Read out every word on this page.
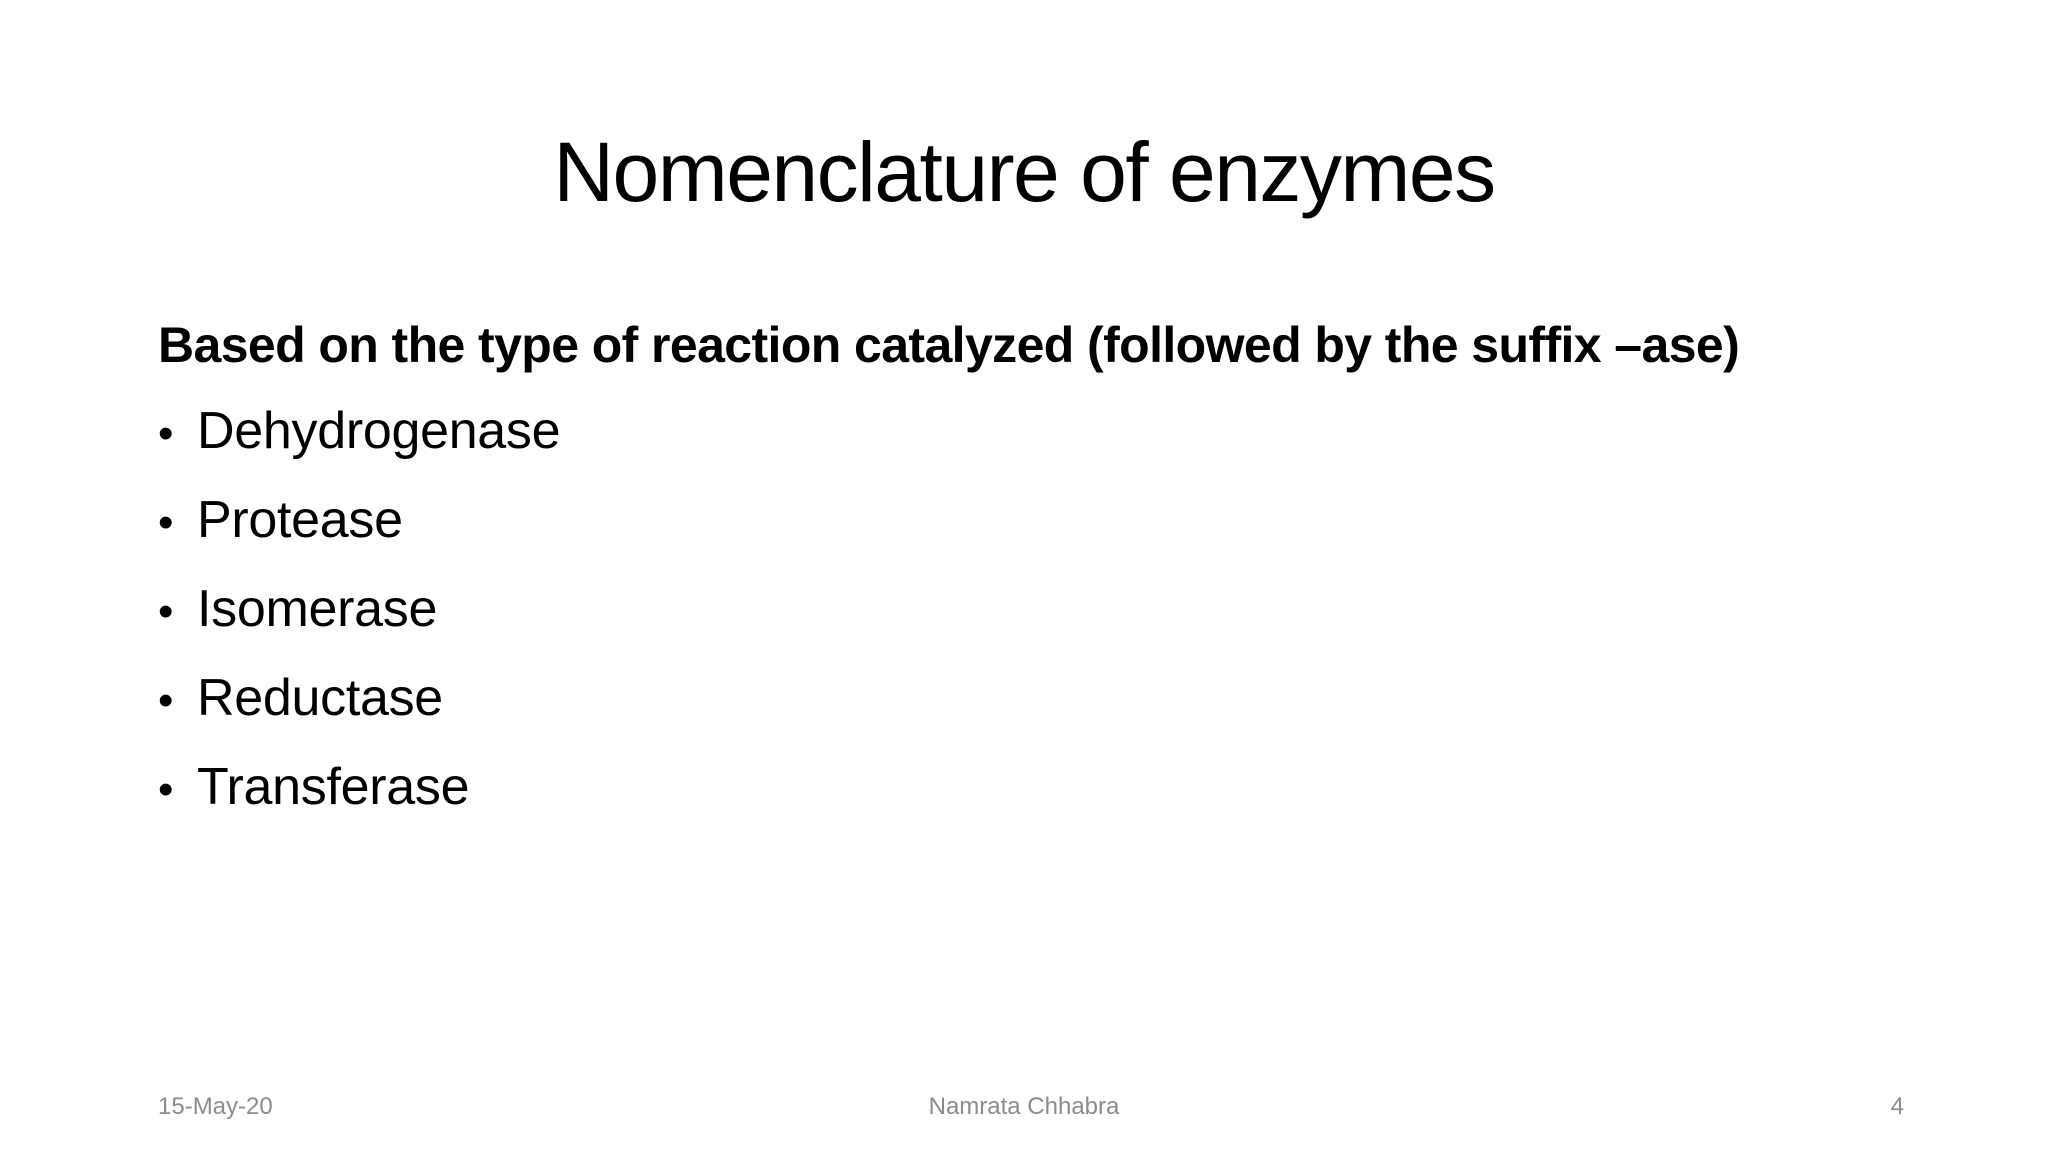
Nomenclature of enzymes

Based on the type of reaction catalyzed (followed by the suffix –ase)

• Dehydrogenase
• Protease
• Isomerase
• Reductase
• Transferase
15-May-20	Namrata Chhabra	4
